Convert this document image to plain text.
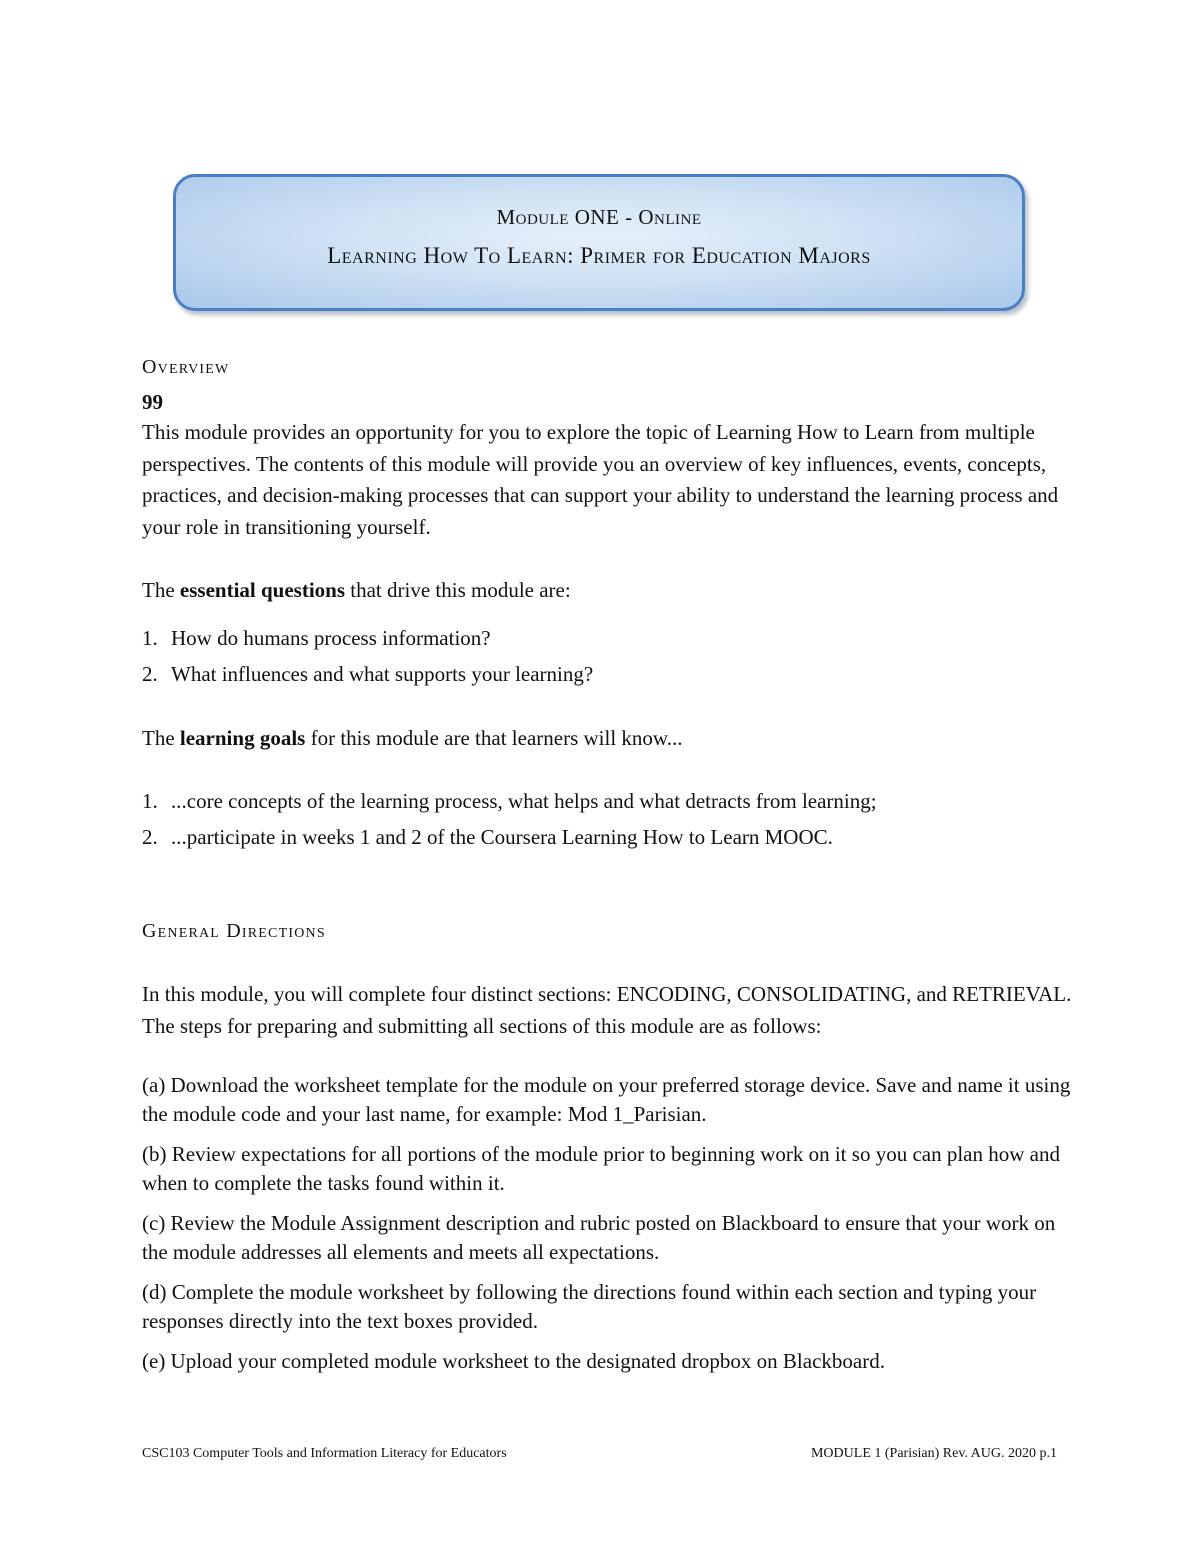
Module ONE - Online
Learning How To Learn: Primer for Education Majors
Overview
99
This module provides an opportunity for you to explore the topic of Learning How to Learn from multiple perspectives. The contents of this module will provide you an overview of key influences, events, concepts, practices, and decision-making processes that can support your ability to understand the learning process and your role in transitioning yourself.
The essential questions that drive this module are:
1. How do humans process information?
2. What influences and what supports your learning?
The learning goals for this module are that learners will know...
1. ...core concepts of the learning process, what helps and what detracts from learning;
2. ...participate in weeks 1 and 2 of the Coursera Learning How to Learn MOOC.
General Directions
In this module, you will complete four distinct sections: ENCODING, CONSOLIDATING, and RETRIEVAL. The steps for preparing and submitting all sections of this module are as follows:
(a) Download the worksheet template for the module on your preferred storage device. Save and name it using the module code and your last name, for example: Mod 1_Parisian.
(b) Review expectations for all portions of the module prior to beginning work on it so you can plan how and when to complete the tasks found within it.
(c) Review the Module Assignment description and rubric posted on Blackboard to ensure that your work on the module addresses all elements and meets all expectations.
(d) Complete the module worksheet by following the directions found within each section and typing your responses directly into the text boxes provided.
(e) Upload your completed module worksheet to the designated dropbox on Blackboard.
CSC103 Computer Tools and Information Literacy for Educators	MODULE 1 (Parisian) Rev. AUG. 2020 p.1
